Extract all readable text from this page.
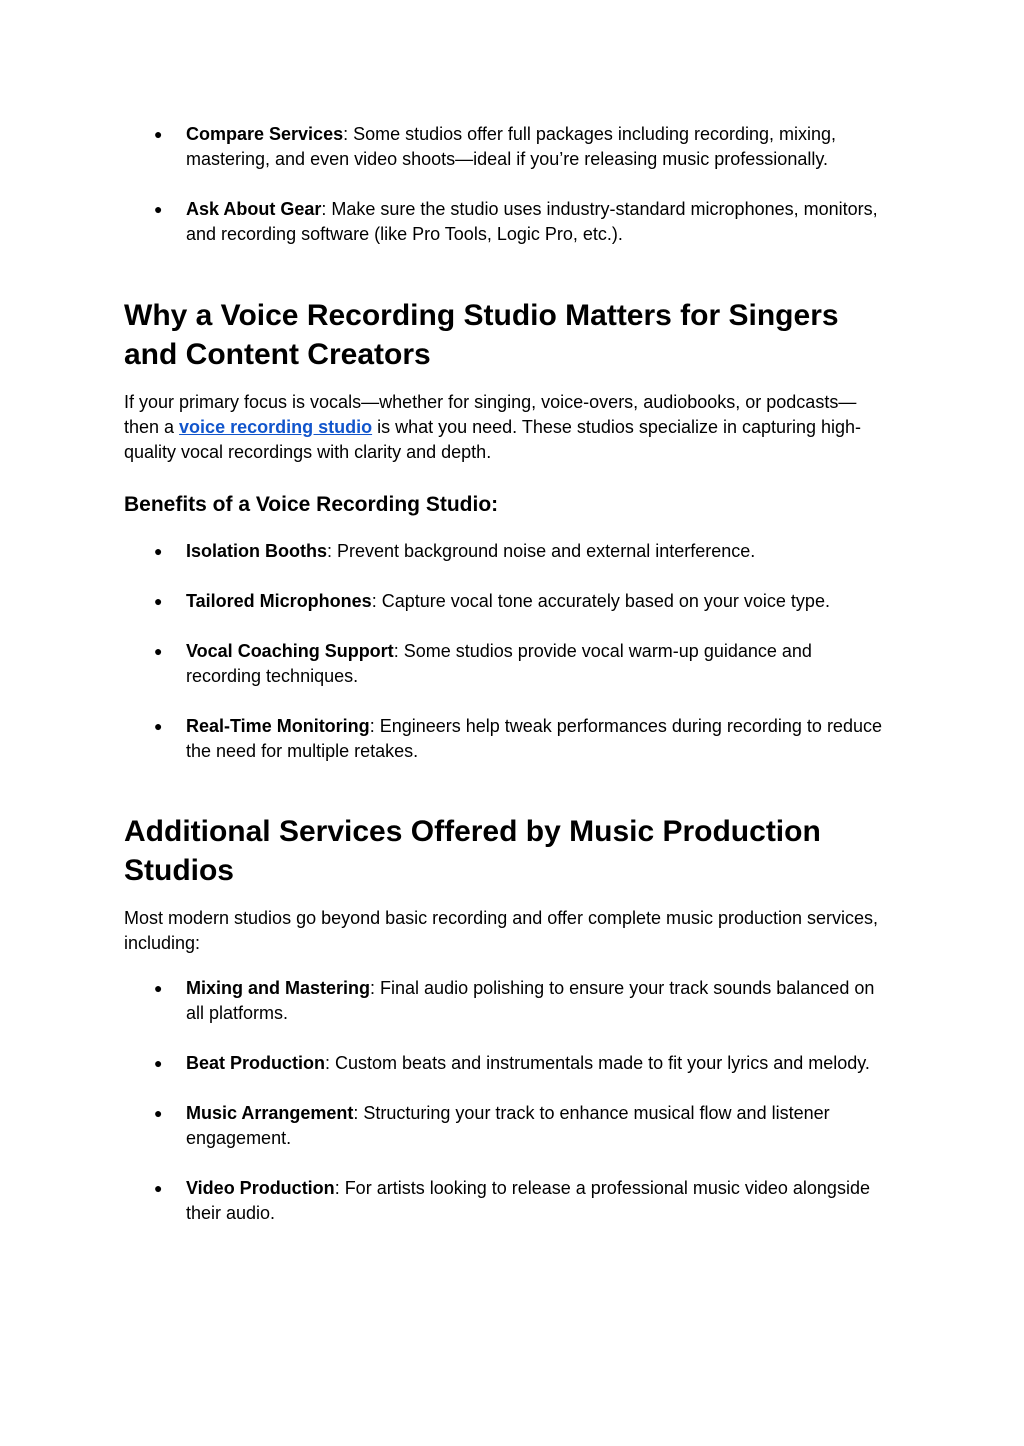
● Compare Services: Some studios offer full packages including recording, mixing, mastering, and even video shoots—ideal if you’re releasing music professionally.
● Ask About Gear: Make sure the studio uses industry-standard microphones, monitors, and recording software (like Pro Tools, Logic Pro, etc.).
Why a Voice Recording Studio Matters for Singers and Content Creators

If your primary focus is vocals—whether for singing, voice-overs, audiobooks, or podcasts—then a voice recording studio is what you need. These studios specialize in capturing high-quality vocal recordings with clarity and depth.

Benefits of a Voice Recording Studio:
● Isolation Booths: Prevent background noise and external interference.
● Tailored Microphones: Capture vocal tone accurately based on your voice type.
● Vocal Coaching Support: Some studios provide vocal warm-up guidance and recording techniques.
● Real-Time Monitoring: Engineers help tweak performances during recording to reduce the need for multiple retakes.
Additional Services Offered by Music Production Studios

Most modern studios go beyond basic recording and offer complete music production services, including:

● Mixing and Mastering: Final audio polishing to ensure your track sounds balanced on all platforms.
● Beat Production: Custom beats and instrumentals made to fit your lyrics and melody.
● Music Arrangement: Structuring your track to enhance musical flow and listener engagement.
● Video Production: For artists looking to release a professional music video alongside their audio.
